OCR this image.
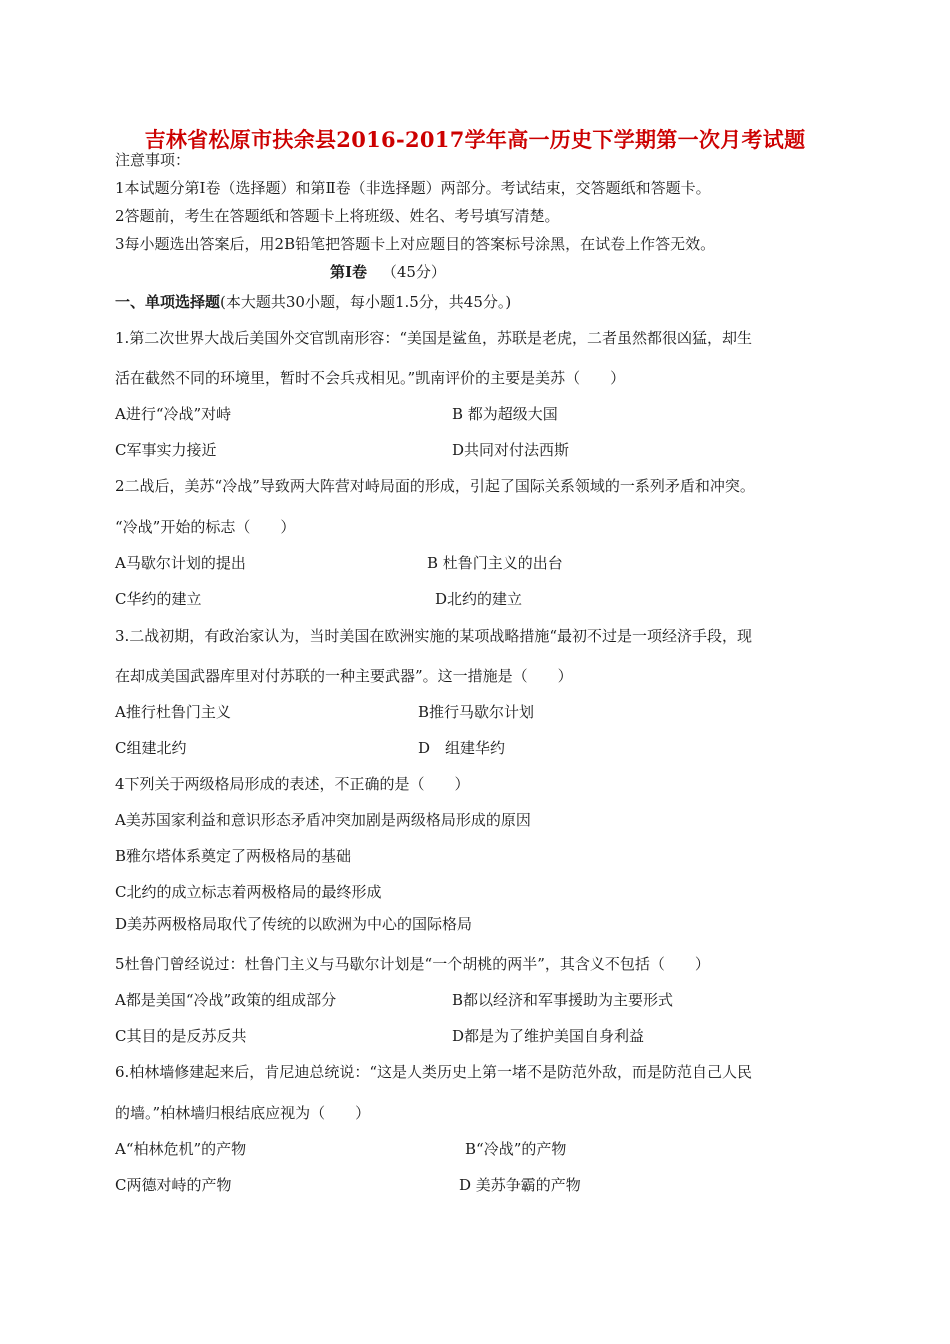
吉林省松原市扶余县2016-2017学年高一历史下学期第一次月考试题
注意事项：
1本试题分第Ⅰ卷（选择题）和第Ⅱ卷（非选择题）两部分。考试结束，交答题纸和答题卡。
2答题前，考生在答题纸和答题卡上将班级、姓名、考号填写清楚。
3每小题选出答案后，用2B铅笔把答题卡上对应题目的答案标号涂黑，在试卷上作答无效。
第Ⅰ卷 （45分）
一、单项选择题(本大题共30小题，每小题1.5分，共45分。)
1.第二次世界大战后美国外交官凯南形容：“美国是鲨鱼，苏联是老虎，二者虽然都很凶猛，却生
活在截然不同的环境里，暂时不会兵戎相见。”凯南评价的主要是美苏（　　）
A进行“冷战”对峙	B 都为超级大国
C军事实力接近	D共同对付法西斯
2二战后，美苏“冷战”导致两大阵营对峙局面的形成，引起了国际关系领域的一系列矛盾和冲突。
“冷战”开始的标志（　　）
A马歇尔计划的提出	B 杜鲁门主义的出台
C华约的建立	D北约的建立
3.二战初期，有政治家认为，当时美国在欧洲实施的某项战略措施“最初不过是一项经济手段，现
在却成美国武器库里对付苏联的一种主要武器”。这一措施是（　　）
A推行杜鲁门主义	B推行马歇尔计划
C组建北约	D　组建华约
4下列关于两级格局形成的表述，不正确的是（　　）
A美苏国家利益和意识形态矛盾冲突加剧是两级格局形成的原因
B雅尔塔体系奠定了两极格局的基础
C北约的成立标志着两极格局的最终形成
D美苏两极格局取代了传统的以欧洲为中心的国际格局
5杜鲁门曾经说过：杜鲁门主义与马歇尔计划是“一个胡桃的两半”，其含义不包括（　　）
A都是美国“冷战”政策的组成部分	B都以经济和军事援助为主要形式
C其目的是反苏反共	D都是为了维护美国自身利益
6.柏林墙修建起来后，肯尼迪总统说：“这是人类历史上第一堵不是防范外敌，而是防范自己人民
的墙。”柏林墙归根结底应视为（　　）
A“柏林危机”的产物	B“冷战”的产物
C两德对峙的产物	D 美苏争霸的产物
